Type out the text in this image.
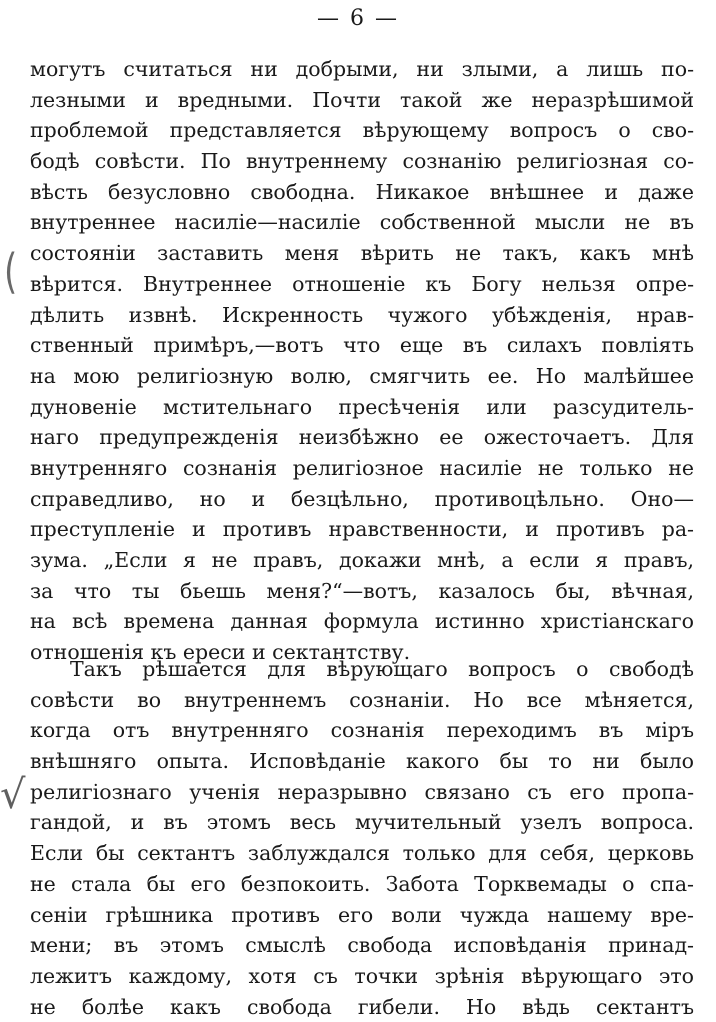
— 6 —
могутъ считаться ни добрыми, ни злыми, а лишь по-
лезными и вредными. Почти такой же неразрѣшимой
проблемой представляется вѣрующему вопросъ о сво-
бодѣ совѣсти. По внутреннему сознанію религіозная со-
вѣсть безусловно свободна. Никакое внѣшнее и даже
внутреннее насиліе—насиліе собственной мысли не въ
состояніи заставить меня вѣрить не такъ, какъ мнѣ
вѣрится. Внутреннее отношеніе къ Богу нельзя опре-
дѣлить извнѣ. Искренность чужого убѣжденія, нрав-
ственный примѣръ,—вотъ что еще въ силахъ повліять
на мою религіозную волю, смягчить ее. Но малѣйшее
дуновеніе мстительнаго пресѣченія или разсудитель-
наго предупрежденія неизбѣжно ее ожесточаетъ. Для
внутренняго сознанія религіозное насиліе не только не
справедливо, но и безцѣльно, противоцѣльно. Оно—
преступленіе и противъ нравственности, и противъ ра-
зума. „Если я не правъ, докажи мнѣ, а если я правъ,
за что ты бьешь меня?“—вотъ, казалось бы, вѣчная,
на всѣ времена данная формула истинно христіанскаго
отношенія къ ереси и сектантству.
Такъ рѣшается для вѣрующаго вопросъ о свободѣ
совѣсти во внутреннемъ сознаніи. Но все мѣняется,
когда отъ внутренняго сознанія переходимъ въ міръ
внѣшняго опыта. Исповѣданіе какого бы то ни было
религіознаго ученія неразрывно связано съ его пропа-
гандой, и въ этомъ весь мучительный узелъ вопроса.
Если бы сектантъ заблуждался только для себя, церковь
не стала бы его безпокоить. Забота Торквемады о спа-
сеніи грѣшника противъ его воли чужда нашему вре-
мени; въ этомъ смыслѣ свобода исповѣданія принад-
лежитъ каждому, хотя съ точки зрѣнія вѣрующаго это
не болѣе какъ свобода гибели. Но вѣдь сектантъ
(
√
